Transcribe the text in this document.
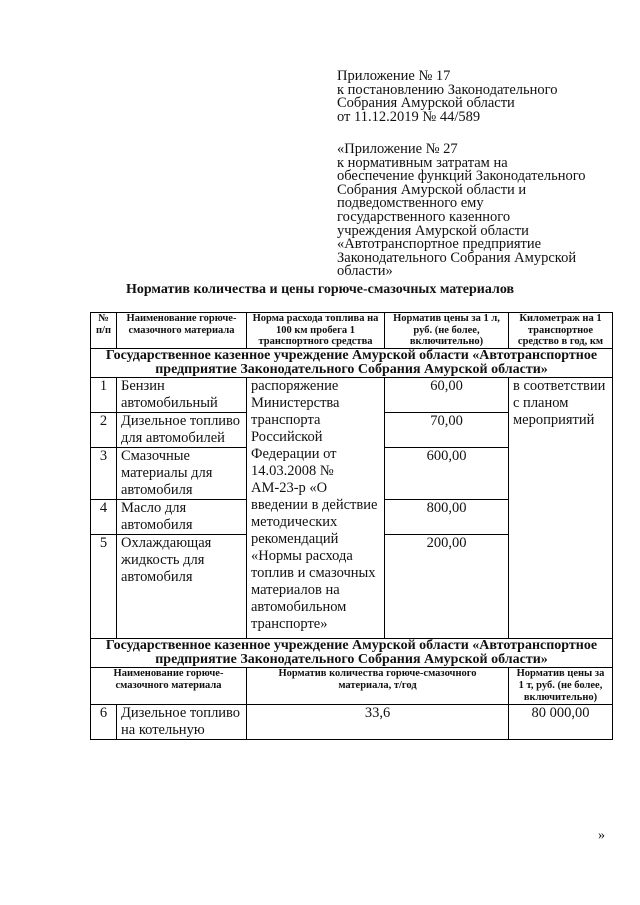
Приложение № 17
к постановлению Законодательного
Собрания Амурской области
от 11.12.2019 № 44/589
«Приложение № 27
к нормативным затратам на
обеспечение функций Законодательного
Собрания Амурской области и
подведомственного ему
государственного казенного
учреждения Амурской области
«Автотранспортное предприятие
Законодательного Собрания Амурской
области»
Норматив количества и цены горюче-смазочных материалов
№ п/п	Наименование горюче-смазочного материала	Норма расхода топлива на 100 км пробега 1 транспортного средства	Норматив цены за 1 л, руб. (не более, включительно)	Километраж на 1 транспортное средство в год, км
Государственное казенное учреждение Амурской области «Автотранспортное предприятие Законодательного Собрания Амурской области»				
1	Бензин автомобильный	распоряжение Министерства транспорта Российской Федерации от 14.03.2008 № АМ-23-р «О введении в действие методических рекомендаций «Нормы расхода топлив и смазочных материалов на автомобильном транспорте»	60,00	в соответствии с планом мероприятий
2	Дизельное топливо для автомобилей		70,00	
3	Смазочные материалы для автомобиля		600,00	
4	Масло для автомобиля		800,00	
5	Охлаждающая жидкость для автомобиля		200,00	
Государственное казенное учреждение Амурской области «Автотранспортное предприятие Законодательного Собрания Амурской области»				
Наименование горюче-смазочного материала		Норматив количества горюче-смазочного материала, т/год		Норматив цены за 1 т, руб. (не более, включительно)
6	Дизельное топливо на котельную	33,6		80 000,00
»
